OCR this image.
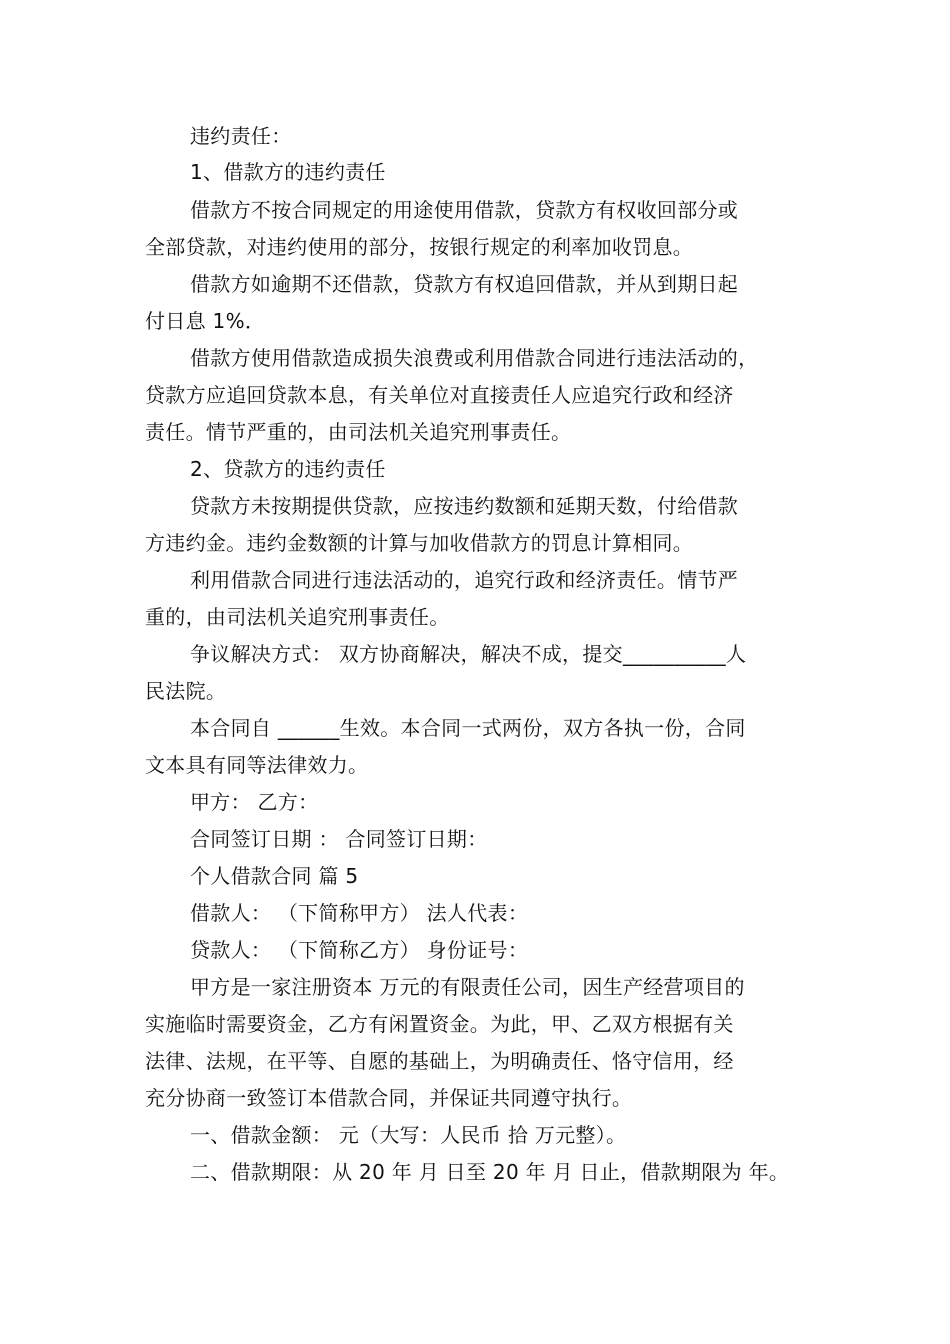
违约责任：
1、借款方的违约责任
借款方不按合同规定的用途使用借款，贷款方有权收回部分或
全部贷款，对违约使用的部分，按银行规定的利率加收罚息。
借款方如逾期不还借款，贷款方有权追回借款，并从到期日起
付日息 1%．
借款方使用借款造成损失浪费或利用借款合同进行违法活动的，
贷款方应追回贷款本息，有关单位对直接责任人应追究行政和经济
责任。情节严重的，由司法机关追究刑事责任。
2、贷款方的违约责任
贷款方未按期提供贷款，应按违约数额和延期天数，付给借款
方违约金。违约金数额的计算与加收借款方的罚息计算相同。
利用借款合同进行违法活动的，追究行政和经济责任。情节严
重的，由司法机关追究刑事责任。
争议解决方式： 双方协商解决，解决不成，提交__________人
民法院。
本合同自 ______生效。本合同一式两份，双方各执一份，合同
文本具有同等法律效力。
甲方： 乙方：
合同签订日期 ： 合同签订日期：
个人借款合同 篇 5
借款人： （下简称甲方） 法人代表：
贷款人： （下简称乙方） 身份证号：
甲方是一家注册资本 万元的有限责任公司，因生产经营项目的
实施临时需要资金，乙方有闲置资金。为此，甲、乙双方根据有关
法律、法规，在平等、自愿的基础上，为明确责任、恪守信用，经
充分协商一致签订本借款合同，并保证共同遵守执行。
一、借款金额： 元（大写：人民币 拾 万元整）。
二、借款期限：从 20 年 月 日至 20 年 月 日止，借款期限为 年。
